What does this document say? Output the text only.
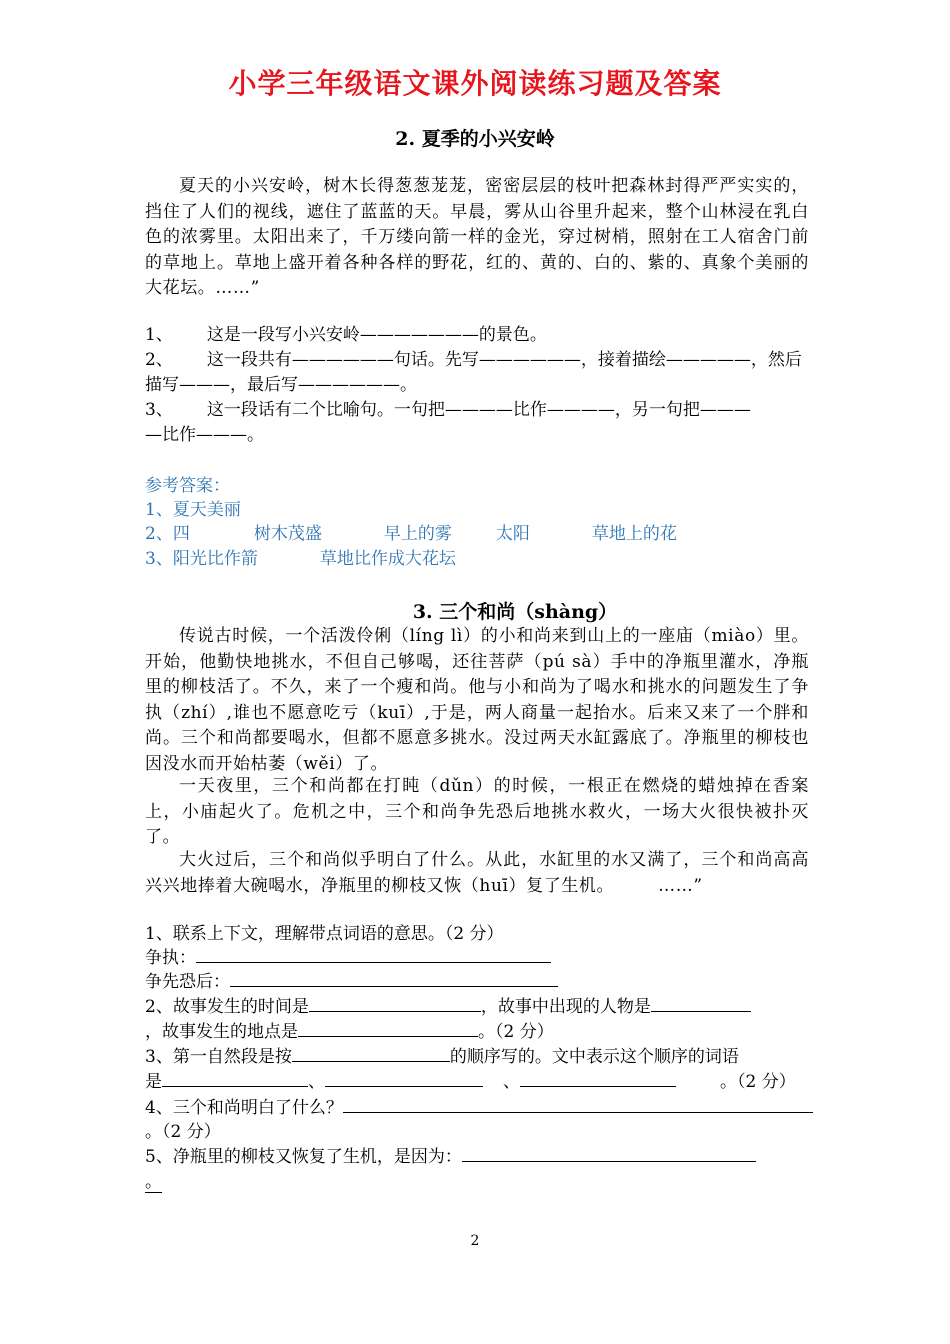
小学三年级语文课外阅读练习题及答案
2. 夏季的小兴安岭
夏天的小兴安岭，树木长得葱葱茏茏，密密层层的枝叶把森林封得严严实实的，挡住了人们的视线，遮住了蓝蓝的天。早晨，雾从山谷里升起来，整个山林浸在乳白色的浓雾里。太阳出来了，千万缕向箭一样的金光，穿过树梢，照射在工人宿舍门前的草地上。草地上盛开着各种各样的野花，红的、黄的、白的、紫的、真象个美丽的大花坛。……”
1、 这是一段写小兴安岭———————的景色。
2、 这一段共有——————句话。先写——————，接着描绘—————，然后
描写———，最后写——————。
3、 这一段话有二个比喻句。一句把————比作————，另一句把———
—比作———。
参考答案：
1、夏天美丽
2、四	树木茂盛	早上的雾	太阳	草地上的花
3、阳光比作箭	草地比作成大花坛
3. 三个和尚（shàng）
传说古时候，一个活泼伶俐（líng lì）的小和尚来到山上的一座庙（miào）里。开始，他勤快地挑水，不但自己够喝，还往菩萨（pú sà）手中的净瓶里灌水，净瓶里的柳枝活了。不久，来了一个瘦和尚。他与小和尚为了喝水和挑水的问题发生了争执（zhí）,谁也不愿意吃亏（kuī）,于是，两人商量一起抬水。后来又来了一个胖和尚。三个和尚都要喝水，但都不愿意多挑水。没过两天水缸露底了。净瓶里的柳枝也因没水而开始枯萎（wěi）了。
一天夜里，三个和尚都在打盹（dǔn）的时候，一根正在燃烧的蜡烛掉在香案上，小庙起火了。危机之中，三个和尚争先恐后地挑水救火，一场大火很快被扑灭了。
大火过后，三个和尚似乎明白了什么。从此，水缸里的水又满了，三个和尚高高兴兴地捧着大碗喝水，净瓶里的柳枝又恢（huī）复了生机。	……”
1、联系上下文，理解带点词语的意思。（2 分）
争执：
争先恐后：
2、故事发生的时间是	，故事中出现的人物是
，故事发生的地点是	。（2 分）
3、第一自然段是按	的顺序写的。文中表示这个顺序的词语
是	、	、	。（2 分）
4、三个和尚明白了什么？
。（2 分）
5、净瓶里的柳枝又恢复了生机，是因为：
。
2
